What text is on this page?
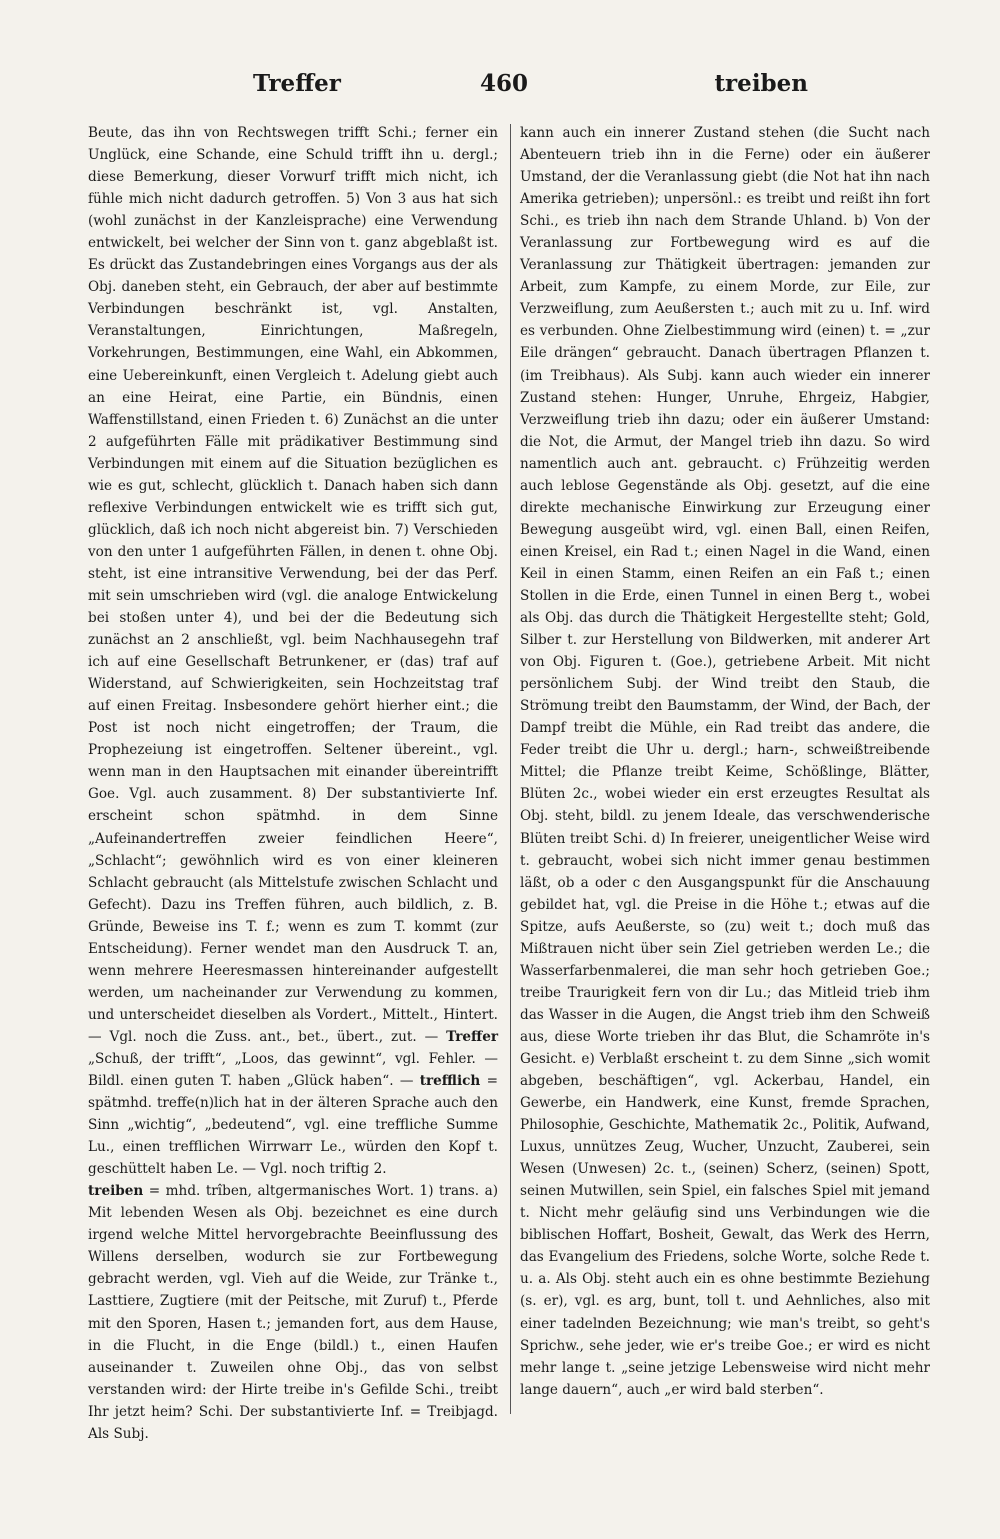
Treffer	460	treiben

Beute, das ihn von Rechtswegen trifft Schi.; ferner ein Unglück, eine Schande, eine Schuld trifft ihn u. dergl.; diese Bemerkung, dieser Vorwurf trifft mich nicht, ich fühle mich nicht dadurch getroffen. 5) Von 3 aus hat sich (wohl zunächst in der Kanzleisprache) eine Verwendung entwickelt, bei welcher der Sinn von t. ganz abgeblaßt ist. Es drückt das Zustandebringen eines Vorgangs aus der als Obj. daneben steht, ein Gebrauch, der aber auf bestimmte Verbindungen beschränkt ist, vgl. Anstalten, Veranstaltungen, Einrichtungen, Maßregeln, Vorkehrungen, Bestimmungen, eine Wahl, ein Abkommen, eine Uebereinkunft, einen Vergleich t. Adelung giebt auch an eine Heirat, eine Partie, ein Bündnis, einen Waffenstillstand, einen Frieden t. 6) Zunächst an die unter 2 aufgeführten Fälle mit prädikativer Bestimmung sind Verbindungen mit einem auf die Situation bezüglichen es wie es gut, schlecht, glücklich t. Danach haben sich dann reflexive Verbindungen entwickelt wie es trifft sich gut, glücklich, daß ich noch nicht abgereist bin. 7) Verschieden von den unter 1 aufgeführten Fällen, in denen t. ohne Obj. steht, ist eine intransitive Verwendung, bei der das Perf. mit sein umschrieben wird (vgl. die analoge Entwickelung bei stoßen unter 4), und bei der die Bedeutung sich zunächst an 2 anschließt, vgl. beim Nachhausegehn traf ich auf eine Gesellschaft Betrunkener, er (das) traf auf Widerstand, auf Schwierigkeiten, sein Hochzeitstag traf auf einen Freitag. Insbesondere gehört hierher eint.; die Post ist noch nicht eingetroffen; der Traum, die Prophezeiung ist eingetroffen. Seltener übereint., vgl. wenn man in den Hauptsachen mit einander übereintrifft Goe. Vgl. auch zusamment. 8) Der substantivierte Inf. erscheint schon spätmhd. in dem Sinne „Aufeinandertreffen zweier feindlichen Heere“, „Schlacht“; gewöhnlich wird es von einer kleineren Schlacht gebraucht (als Mittelstufe zwischen Schlacht und Gefecht). Dazu ins Treffen führen, auch bildlich, z. B. Gründe, Beweise ins T. f.; wenn es zum T. kommt (zur Entscheidung). Ferner wendet man den Ausdruck T. an, wenn mehrere Heeresmassen hintereinander aufgestellt werden, um nacheinander zur Verwendung zu kommen, und unterscheidet dieselben als Vordert., Mittelt., Hintert. — Vgl. noch die Zuss. ant., bet., übert., zut. — Treffer „Schuß, der trifft“, „Loos, das gewinnt“, vgl. Fehler. — Bildl. einen guten T. haben „Glück haben“. — trefflich = spätmhd. treffe(n)lich hat in der älteren Sprache auch den Sinn „wichtig“, „bedeutend“, vgl. eine treffliche Summe Lu., einen trefflichen Wirrwarr Le., würden den Kopf t. geschüttelt haben Le. — Vgl. noch triftig 2.

treiben = mhd. trîben, altgermanisches Wort. 1) trans. a) Mit lebenden Wesen als Obj. bezeichnet es eine durch irgend welche Mittel hervorgebrachte Beeinflussung des Willens derselben, wodurch sie zur Fortbewegung gebracht werden, vgl. Vieh auf die Weide, zur Tränke t., Lasttiere, Zugtiere (mit der Peitsche, mit Zuruf) t., Pferde mit den Sporen, Hasen t.; jemanden fort, aus dem Hause, in die Flucht, in die Enge (bildl.) t., einen Haufen auseinander t. Zuweilen ohne Obj., das von selbst verstanden wird: der Hirte treibe in's Gefilde Schi., treibt Ihr jetzt heim? Schi. Der substantivierte Inf. = Treibjagd. Als Subj.

kann auch ein innerer Zustand stehen (die Sucht nach Abenteuern trieb ihn in die Ferne) oder ein äußerer Umstand, der die Veranlassung giebt (die Not hat ihn nach Amerika getrieben); unpersönl.: es treibt und reißt ihn fort Schi., es trieb ihn nach dem Strande Uhland. b) Von der Veranlassung zur Fortbewegung wird es auf die Veranlassung zur Thätigkeit übertragen: jemanden zur Arbeit, zum Kampfe, zu einem Morde, zur Eile, zur Verzweiflung, zum Aeußersten t.; auch mit zu u. Inf. wird es verbunden. Ohne Zielbestimmung wird (einen) t. = „zur Eile drängen“ gebraucht. Danach übertragen Pflanzen t. (im Treibhaus). Als Subj. kann auch wieder ein innerer Zustand stehen: Hunger, Unruhe, Ehrgeiz, Habgier, Verzweiflung trieb ihn dazu; oder ein äußerer Umstand: die Not, die Armut, der Mangel trieb ihn dazu. So wird namentlich auch ant. gebraucht. c) Frühzeitig werden auch leblose Gegenstände als Obj. gesetzt, auf die eine direkte mechanische Einwirkung zur Erzeugung einer Bewegung ausgeübt wird, vgl. einen Ball, einen Reifen, einen Kreisel, ein Rad t.; einen Nagel in die Wand, einen Keil in einen Stamm, einen Reifen an ein Faß t.; einen Stollen in die Erde, einen Tunnel in einen Berg t., wobei als Obj. das durch die Thätigkeit Hergestellte steht; Gold, Silber t. zur Herstellung von Bildwerken, mit anderer Art von Obj. Figuren t. (Goe.), getriebene Arbeit. Mit nicht persönlichem Subj. der Wind treibt den Staub, die Strömung treibt den Baumstamm, der Wind, der Bach, der Dampf treibt die Mühle, ein Rad treibt das andere, die Feder treibt die Uhr u. dergl.; harn-, schweißtreibende Mittel; die Pflanze treibt Keime, Schößlinge, Blätter, Blüten 2c., wobei wieder ein erst erzeugtes Resultat als Obj. steht, bildl. zu jenem Ideale, das verschwenderische Blüten treibt Schi. d) In freierer, uneigentlicher Weise wird t. gebraucht, wobei sich nicht immer genau bestimmen läßt, ob a oder c den Ausgangspunkt für die Anschauung gebildet hat, vgl. die Preise in die Höhe t.; etwas auf die Spitze, aufs Aeußerste, so (zu) weit t.; doch muß das Mißtrauen nicht über sein Ziel getrieben werden Le.; die Wasserfarbenmalerei, die man sehr hoch getrieben Goe.; treibe Traurigkeit fern von dir Lu.; das Mitleid trieb ihm das Wasser in die Augen, die Angst trieb ihm den Schweiß aus, diese Worte trieben ihr das Blut, die Schamröte in's Gesicht. e) Verblaßt erscheint t. zu dem Sinne „sich womit abgeben, beschäftigen“, vgl. Ackerbau, Handel, ein Gewerbe, ein Handwerk, eine Kunst, fremde Sprachen, Philosophie, Geschichte, Mathematik 2c., Politik, Aufwand, Luxus, unnützes Zeug, Wucher, Unzucht, Zauberei, sein Wesen (Unwesen) 2c. t., (seinen) Scherz, (seinen) Spott, seinen Mutwillen, sein Spiel, ein falsches Spiel mit jemand t. Nicht mehr geläufig sind uns Verbindungen wie die biblischen Hoffart, Bosheit, Gewalt, das Werk des Herrn, das Evangelium des Friedens, solche Worte, solche Rede t. u. a. Als Obj. steht auch ein es ohne bestimmte Beziehung (s. er), vgl. es arg, bunt, toll t. und Aehnliches, also mit einer tadelnden Bezeichnung; wie man's treibt, so geht's Sprichw., sehe jeder, wie er's treibe Goe.; er wird es nicht mehr lange t. „seine jetzige Lebensweise wird nicht mehr lange dauern“, auch „er wird bald sterben“.
